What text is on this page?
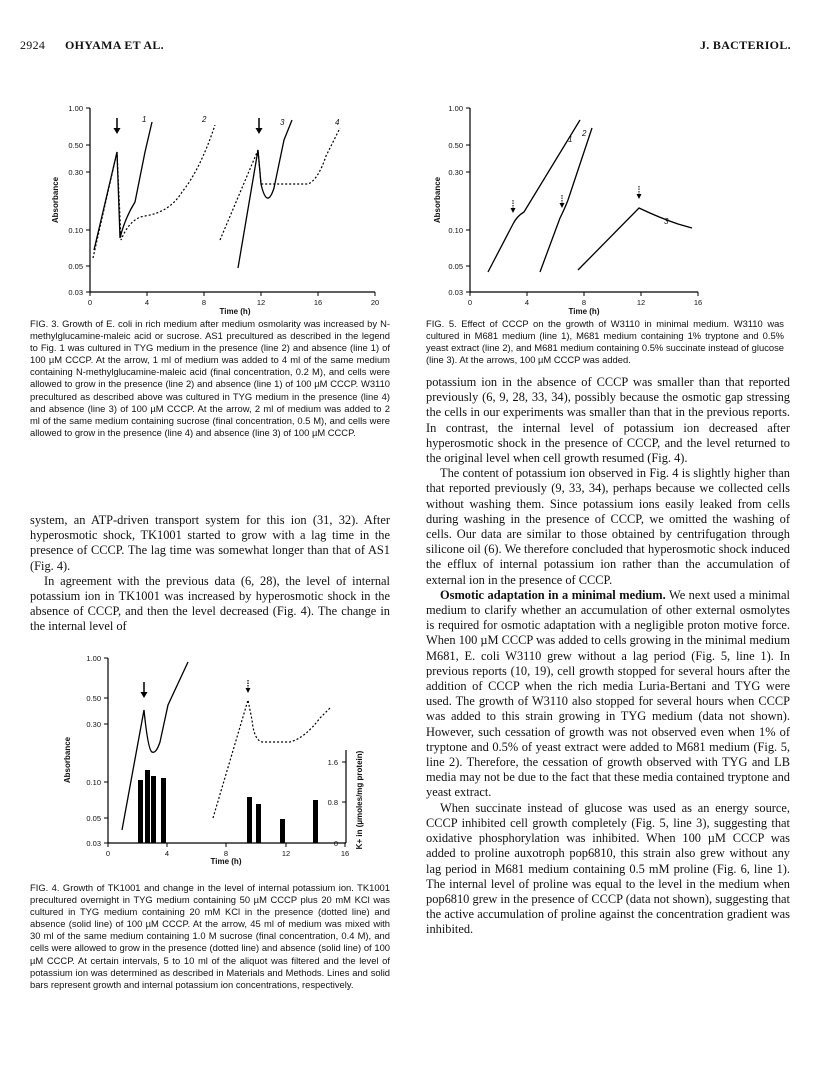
2924 OHYAMA ET AL.	J. BACTERIOL.
1.00
0.50
0.30
0.10
0.05
0.03
Absorbance
0	4	8	12	16	20
Time (h)
1	2	3	4
FIG. 3. Growth of E. coli in rich medium after medium osmolarity was increased by N-methylglucamine-maleic acid or sucrose. AS1 precultured as described in the legend to Fig. 1 was cultured in TYG medium in the presence (line 2) and absence (line 1) of 100 µM CCCP. At the arrow, 1 ml of medium was added to 4 ml of the same medium containing N-methylglucamine-maleic acid (final concentration, 0.2 M), and cells were allowed to grow in the presence (line 2) and absence (line 1) of 100 µM CCCP. W3110 precultured as described above was cultured in TYG medium in the presence (line 4) and absence (line 3) of 100 µM CCCP. At the arrow, 2 ml of medium was added to 2 ml of the same medium containing sucrose (final concentration, 0.5 M), and cells were allowed to grow in the presence (line 4) and absence (line 3) of 100 µM CCCP.
1.00
0.50
0.30
0.10
0.05
0.03
Absorbance
0	4	8	12	16
Time (h)
1
2
3
FIG. 5. Effect of CCCP on the growth of W3110 in minimal medium. W3110 was cultured in M681 medium (line 1), M681 medium containing 1% tryptone and 0.5% yeast extract (line 2), and M681 medium containing 0.5% succinate instead of glucose (line 3). At the arrows, 100 µM CCCP was added.

system, an ATP-driven transport system for this ion (31, 32). After hyperosmotic shock, TK1001 started to grow with a lag time in the presence of CCCP. The lag time was somewhat longer than that of AS1 (Fig. 4).

In agreement with the previous data (6, 28), the level of internal potassium ion in TK1001 was increased by hyperosmotic shock in the absence of CCCP, and then the level decreased (Fig. 4). The change in the internal level of

1.00
0.50
0.30
0.10
0.05
0.03
Absorbance	1.6
0.8
0 K+ in (µmoles/mg protein)
0	4	8	12	16
Time (h)
FIG. 4. Growth of TK1001 and change in the level of internal potassium ion. TK1001 precultured overnight in TYG medium containing 50 µM CCCP plus 20 mM KCl was cultured in TYG medium containing 20 mM KCl in the presence (dotted line) and absence (solid line) of 100 µM CCCP. At the arrow, 45 ml of medium was mixed with 30 ml of the same medium containing 1.0 M sucrose (final concentration, 0.4 M), and cells were allowed to grow in the presence (dotted line) and absence (solid line) of 100 µM CCCP. At certain intervals, 5 to 10 ml of the aliquot was filtered and the level of potassium ion was determined as described in Materials and Methods. Lines and solid bars represent growth and internal potassium ion concentrations, respectively.

potassium ion in the absence of CCCP was smaller than that reported previously (6, 9, 28, 33, 34), possibly because the osmotic gap stressing the cells in our experiments was smaller than that in the previous reports. In contrast, the internal level of potassium ion decreased after hyperosmotic shock in the presence of CCCP, and the level returned to the original level when cell growth resumed (Fig. 4).

The content of potassium ion observed in Fig. 4 is slightly higher than that reported previously (9, 33, 34), perhaps because we collected cells without washing them. Since potassium ions easily leaked from cells during washing in the presence of CCCP, we omitted the washing of cells. Our data are similar to those obtained by centrifugation through silicone oil (6). We therefore concluded that hyperosmotic shock induced the efflux of internal potassium ion rather than the accumulation of external ion in the presence of CCCP.

Osmotic adaptation in a minimal medium. We next used a minimal medium to clarify whether an accumulation of other external osmolytes is required for osmotic adaptation with a negligible proton motive force. When 100 µM CCCP was added to cells growing in the minimal medium M681, E. coli W3110 grew without a lag period (Fig. 5, line 1). In previous reports (10, 19), cell growth stopped for several hours after the addition of CCCP when the rich media Luria-Bertani and TYG were used. The growth of W3110 also stopped for several hours when CCCP was added to this strain growing in TYG medium (data not shown). However, such cessation of growth was not observed even when 1% of tryptone and 0.5% of yeast extract were added to M681 medium (Fig. 5, line 2). Therefore, the cessation of growth observed with TYG and LB media may not be due to the fact that these media contained tryptone and yeast extract.

When succinate instead of glucose was used as an energy source, CCCP inhibited cell growth completely (Fig. 5, line 3), suggesting that oxidative phosphorylation was inhibited. When 100 µM CCCP was added to proline auxotroph pop6810, this strain also grew without any lag period in M681 medium containing 0.5 mM proline (Fig. 6, line 1). The internal level of proline was equal to the level in the medium when pop6810 grew in the presence of CCCP (data not shown), suggesting that the active accumulation of proline against the concentration gradient was inhibited.
